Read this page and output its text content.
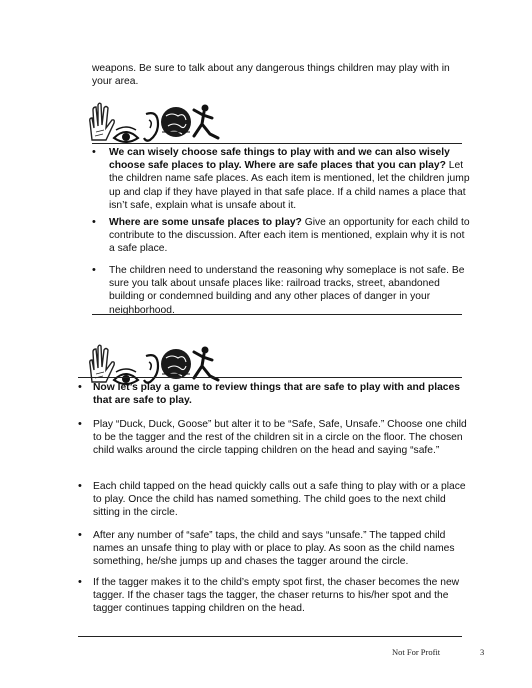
weapons. Be sure to talk about any dangerous things children may play with in your area.

•	We can wisely choose safe things to play with and we can also wisely choose safe places to play. Where are safe places that you can play? Let the children name safe places. As each item is mentioned, let the children jump up and clap if they have played in that safe place. If a child names a place that isn’t safe, explain what is unsafe about it.
•	Where are some unsafe places to play? Give an opportunity for each child to contribute to the discussion. After each item is mentioned, explain why it is not a safe place.
•	The children need to understand the reasoning why someplace is not safe. Be sure you talk about unsafe places like: railroad tracks, street, abandoned building or condemned building and any other places of danger in your neighborhood.
•	Now let’s play a game to review things that are safe to play with and places that are safe to play.
•	Play “Duck, Duck, Goose” but alter it to be “Safe, Safe, Unsafe.” Choose one child to be the tagger and the rest of the children sit in a circle on the floor. The chosen child walks around the circle tapping children on the head and saying “safe.”
•	Each child tapped on the head quickly calls out a safe thing to play with or a place to play. Once the child has named something. The child goes to the next child sitting in the circle.
•	After any number of “safe” taps, the child and says “unsafe.” The tapped child names an unsafe thing to play with or place to play. As soon as the child names something, he/she jumps up and chases the tagger around the circle.
•	If the tagger makes it to the child’s empty spot first, the chaser becomes the new tagger. If the chaser tags the tagger, the chaser returns to his/her spot and the tagger continues tapping children on the head.
Not For Profit	3
